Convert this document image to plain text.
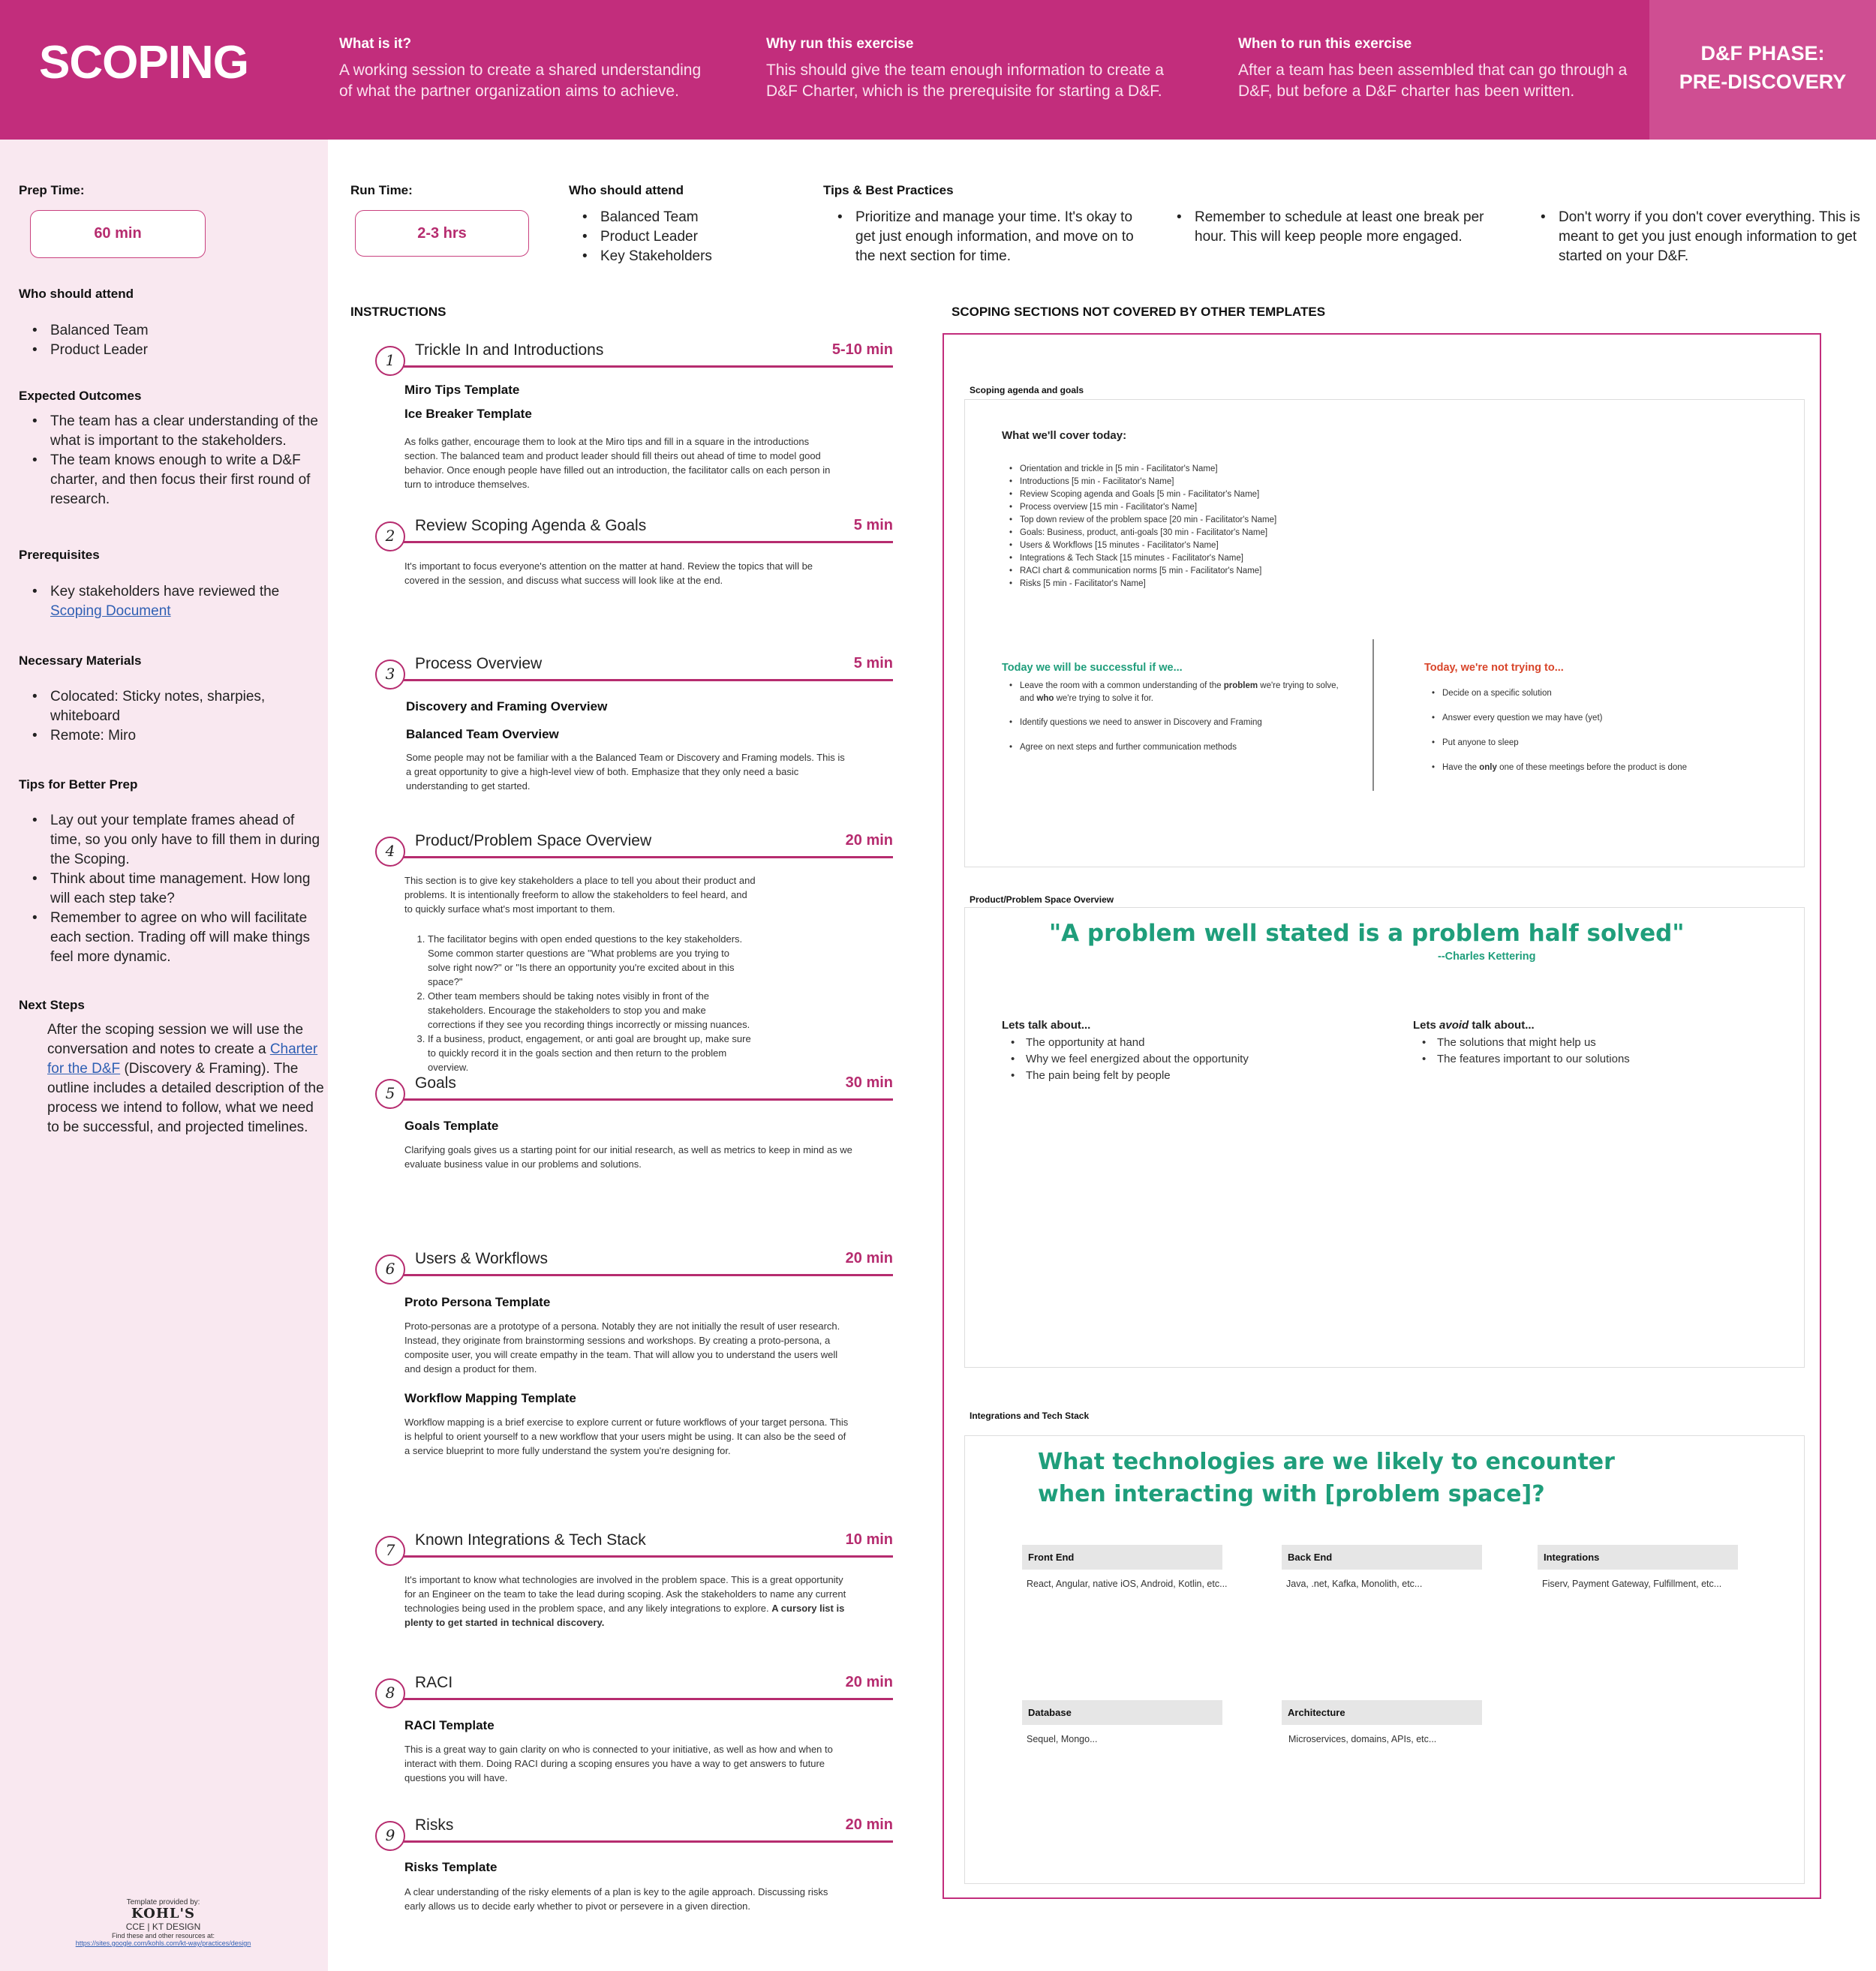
SCOPING	What is it?

A working session to create a shared understanding of what the partner organization aims to achieve.

Why run this exercise

This should give the team enough information to create a D&F Charter, which is the prerequisite for starting a D&F.

When to run this exercise

After a team has been assembled that can go through a D&F, but before a D&F charter has been written.

D&F PHASE:
PRE-DISCOVERY
Prep Time:
60 min
Who should attend
• Balanced Team
• Product Leader
Expected Outcomes
• The team has a clear understanding of the what is important to the stakeholders.
• The team knows enough to write a D&F charter, and then focus their first round of research.
Prerequisites
• Key stakeholders have reviewed the
Scoping Document
Necessary Materials
• Colocated: Sticky notes, sharpies, whiteboard
• Remote: Miro
Tips for Better Prep
• Lay out your template frames ahead of time, so you only have to fill them in during the Scoping.
• Think about time management. How long will each step take?
• Remember to agree on who will facilitate each section. Trading off will make things feel more dynamic.
Next Steps
After the scoping session we will use the conversation and notes to create a Charter for the D&F (Discovery & Framing). The outline includes a detailed description of the process we intend to follow, what we need to be successful, and projected timelines.
Template provided by:
KOHL'S
CCE | KT DESIGN
Find these and other resources at:
https://sites.google.com/kohls.com/kt-way/practices/design
Run Time:
2-3 hrs
Who should attend
• Balanced Team
• Product Leader
• Key Stakeholders
Tips & Best Practices
• Prioritize and manage your time. It's okay to get just enough information, and move on to the next section for time.
• Remember to schedule at least one break per hour. This will keep people more engaged.
• Don't worry if you don't cover everything. This is meant to get you just enough information to get started on your D&F.
INSTRUCTIONS
1
Trickle In and Introductions	5-10 min
Miro Tips Template
Ice Breaker Template
As folks gather, encourage them to look at the Miro tips and fill in a square in the introductions section. The balanced team and product leader should fill theirs out ahead of time to model good behavior. Once enough people have filled out an introduction, the facilitator calls on each person in turn to introduce themselves.
2
Review Scoping Agenda & Goals	5 min
It's important to focus everyone's attention on the matter at hand. Review the topics that will be covered in the session, and discuss what success will look like at the end.
3
Process Overview	5 min
Discovery and Framing Overview
Balanced Team Overview
Some people may not be familiar with a the Balanced Team or Discovery and Framing models. This is a great opportunity to give a high-level view of both. Emphasize that they only need a basic understanding to get started.
4
Product/Problem Space Overview	20 min
This section is to give key stakeholders a place to tell you about their product and problems. It is intentionally freeform to allow the stakeholders to feel heard, and to quickly surface what's most important to them.
1. The facilitator begins with open ended questions to the key stakeholders. Some common starter questions are "What problems are you trying to solve right now?" or "Is there an opportunity you're excited about in this space?"
2. Other team members should be taking notes visibly in front of the stakeholders. Encourage the stakeholders to stop you and make corrections if they see you recording things incorrectly or missing nuances.
3. If a business, product, engagement, or anti goal are brought up, make sure to quickly record it in the goals section and then return to the problem overview.
5
Goals	30 min
Goals Template
Clarifying goals gives us a starting point for our initial research, as well as metrics to keep in mind as we evaluate business value in our problems and solutions.
6
Users & Workflows	20 min
Proto Persona Template
Proto-personas are a prototype of a persona. Notably they are not initially the result of user research. Instead, they originate from brainstorming sessions and workshops. By creating a proto-persona, a composite user, you will create empathy in the team. That will allow you to understand the users well and design a product for them.
Workflow Mapping Template
Workflow mapping is a brief exercise to explore current or future workflows of your target persona. This is helpful to orient yourself to a new workflow that your users might be using. It can also be the seed of a service blueprint to more fully understand the system you're designing for.
7
Known Integrations & Tech Stack	10 min
It's important to know what technologies are involved in the problem space. This is a great opportunity for an Engineer on the team to take the lead during scoping. Ask the stakeholders to name any current technologies being used in the problem space, and any likely integrations to explore. A cursory list is plenty to get started in technical discovery.
8
RACI	20 min
RACI Template
This is a great way to gain clarity on who is connected to your initiative, as well as how and when to interact with them. Doing RACI during a scoping ensures you have a way to get answers to future questions you will have.
9
Risks	20 min
Risks Template
A clear understanding of the risky elements of a plan is key to the agile approach. Discussing risks early allows us to decide early whether to pivot or persevere in a given direction.
SCOPING SECTIONS NOT COVERED BY OTHER TEMPLATES
Scoping agenda and goals
What we'll cover today:
• Orientation and trickle in [5 min - Facilitator's Name]
• Introductions [5 min - Facilitator's Name]
• Review Scoping agenda and Goals [5 min - Facilitator's Name]
• Process overview [15 min - Facilitator's Name]
• Top down review of the problem space [20 min - Facilitator's Name]
• Goals: Business, product, anti-goals [30 min - Facilitator's Name]
• Users & Workflows [15 minutes - Facilitator's Name]
• Integrations & Tech Stack [15 minutes - Facilitator's Name]
• RACI chart & communication norms [5 min - Facilitator's Name]
• Risks [5 min - Facilitator's Name]
Today we will be successful if we...
• Leave the room with a common understanding of the problem we're trying to solve, and who we're trying to solve it for.
• Identify questions we need to answer in Discovery and Framing
• Agree on next steps and further communication methods
Today, we're not trying to...
• Decide on a specific solution
• Answer every question we may have (yet)
• Put anyone to sleep
• Have the only one of these meetings before the product is done
Product/Problem Space Overview
"A problem well stated is a problem half solved"
--Charles Kettering
Lets talk about...
• The opportunity at hand
• Why we feel energized about the opportunity
• The pain being felt by people
Lets avoid talk about...
• The solutions that might help us
• The features important to our solutions
Integrations and Tech Stack
What technologies are we likely to encounter when interacting with [problem space]?
Front End
React, Angular, native iOS, Android, Kotlin, etc...
Back End
Java, .net, Kafka, Monolith, etc...
Integrations
Fiserv, Payment Gateway, Fulfillment, etc...
Database
Sequel, Mongo...
Architecture
Microservices, domains, APIs, etc...
